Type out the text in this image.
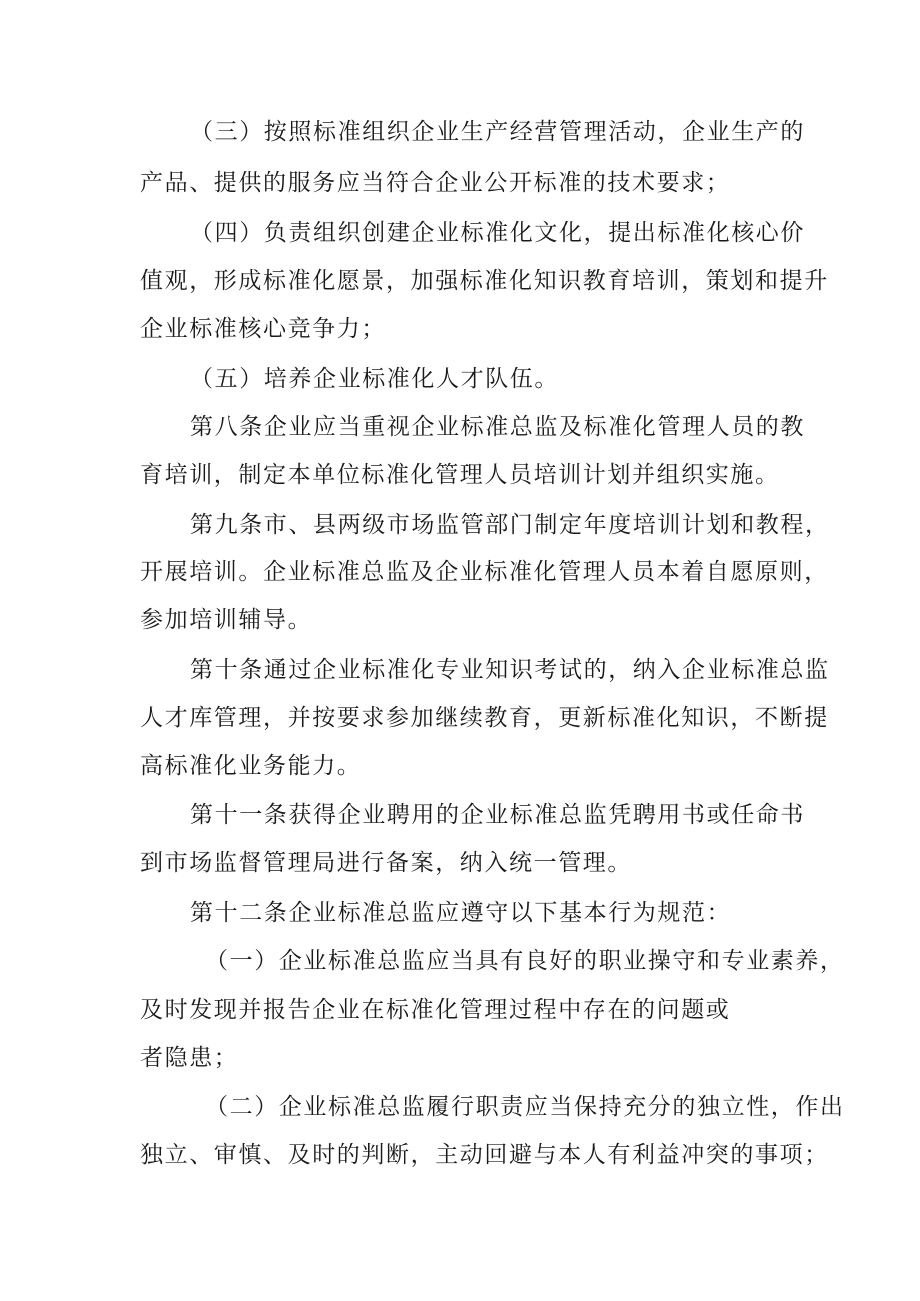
（三）按照标准组织企业生产经营管理活动，企业生产的

产品、提供的服务应当符合企业公开标准的技术要求；

（四）负责组织创建企业标准化文化，提出标准化核心价

值观，形成标准化愿景，加强标准化知识教育培训，策划和提升

企业标准核心竞争力；

（五）培养企业标准化人才队伍。

第八条企业应当重视企业标准总监及标准化管理人员的教

育培训，制定本单位标准化管理人员培训计划并组织实施。

第九条市、县两级市场监管部门制定年度培训计划和教程，

开展培训。企业标准总监及企业标准化管理人员本着自愿原则，

参加培训辅导。

第十条通过企业标准化专业知识考试的，纳入企业标准总监

人才库管理，并按要求参加继续教育，更新标准化知识，不断提

高标准化业务能力。

第十一条获得企业聘用的企业标准总监凭聘用书或任命书

到市场监督管理局进行备案，纳入统一管理。

第十二条企业标准总监应遵守以下基本行为规范：

（一）企业标准总监应当具有良好的职业操守和专业素养，

及时发现并报告企业在标准化管理过程中存在的问题或

者隐患；

（二）企业标准总监履行职责应当保持充分的独立性，作出

独立、审慎、及时的判断，主动回避与本人有利益冲突的事项；
